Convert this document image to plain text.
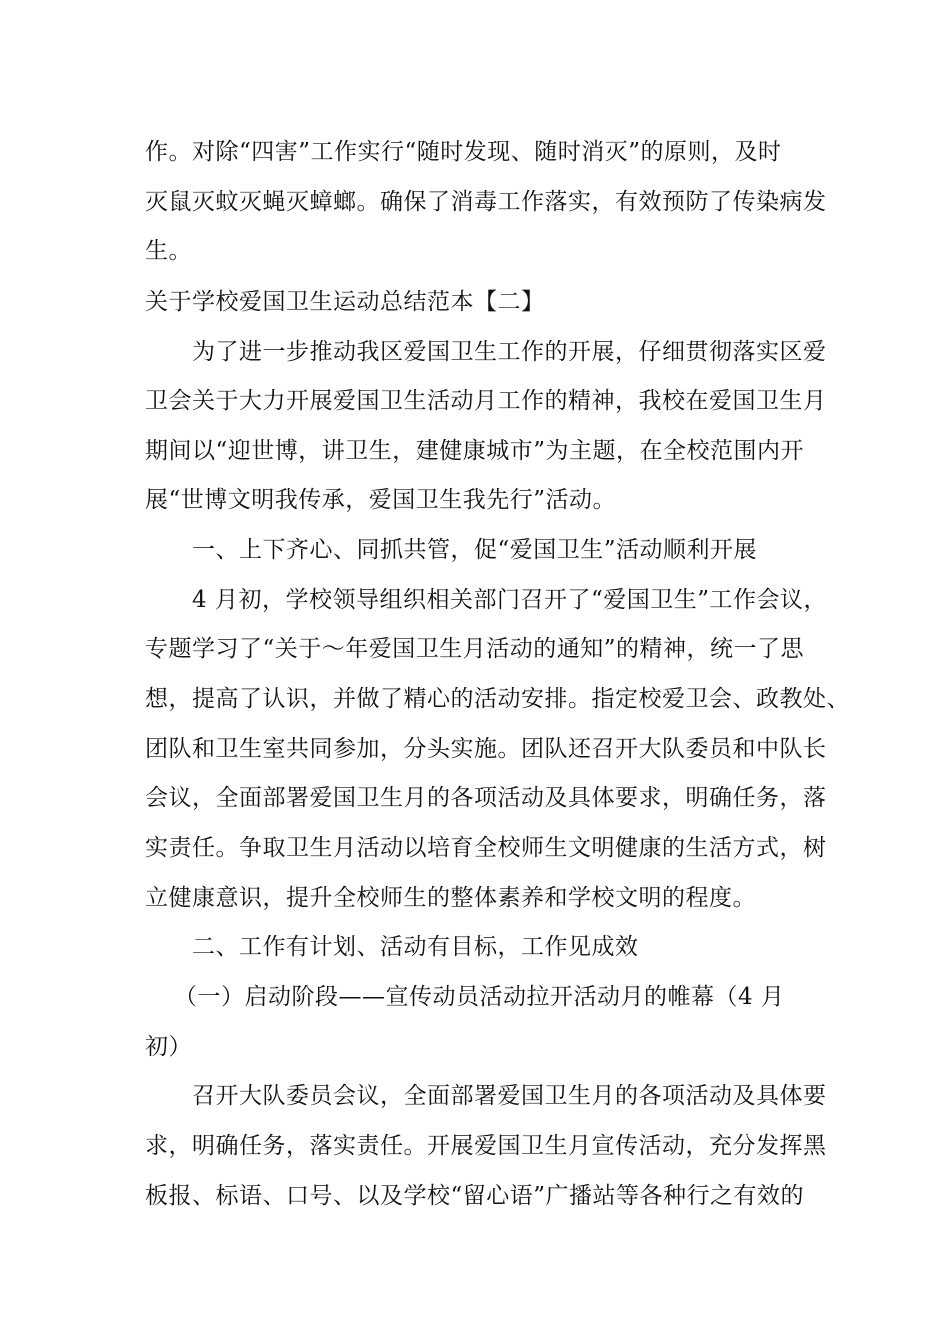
作。对除“四害”工作实行“随时发现、随时消灭”的原则，及时
灭鼠灭蚊灭蝇灭蟑螂。确保了消毒工作落实，有效预防了传染病发
生。
关于学校爱国卫生运动总结范本【二】
为了进一步推动我区爱国卫生工作的开展，仔细贯彻落实区爱
卫会关于大力开展爱国卫生活动月工作的精神，我校在爱国卫生月
期间以“迎世博，讲卫生，建健康城市”为主题，在全校范围内开
展“世博文明我传承，爱国卫生我先行”活动。
一、上下齐心、同抓共管，促“爱国卫生”活动顺利开展
4 月初，学校领导组织相关部门召开了“爱国卫生”工作会议，
专题学习了“关于～年爱国卫生月活动的通知”的精神，统一了思
想，提高了认识，并做了精心的活动安排。指定校爱卫会、政教处、
团队和卫生室共同参加，分头实施。团队还召开大队委员和中队长
会议，全面部署爱国卫生月的各项活动及具体要求，明确任务，落
实责任。争取卫生月活动以培育全校师生文明健康的生活方式，树
立健康意识，提升全校师生的整体素养和学校文明的程度。
二、工作有计划、活动有目标，工作见成效
（一）启动阶段——宣传动员活动拉开活动月的帷幕（4 月
初）
召开大队委员会议，全面部署爱国卫生月的各项活动及具体要
求，明确任务，落实责任。开展爱国卫生月宣传活动，充分发挥黑
板报、标语、口号、以及学校“留心语”广播站等各种行之有效的
